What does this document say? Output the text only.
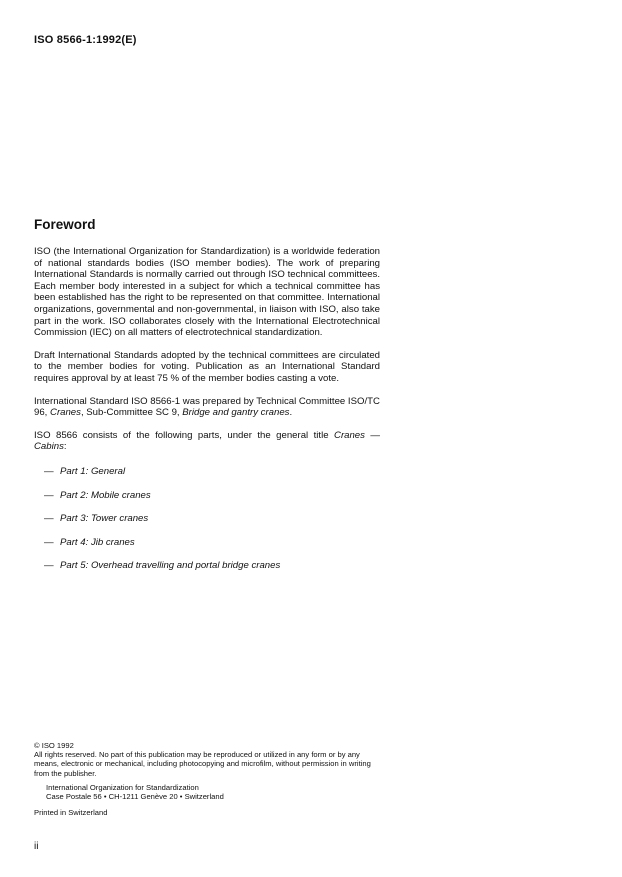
ISO 8566-1:1992(E)
Foreword

ISO (the International Organization for Standardization) is a worldwide federation of national standards bodies (ISO member bodies). The work of preparing International Standards is normally carried out through ISO technical committees. Each member body interested in a subject for which a technical committee has been established has the right to be represented on that committee. International organizations, governmental and non-governmental, in liaison with ISO, also take part in the work. ISO collaborates closely with the International Electrotechnical Commission (IEC) on all matters of electrotechnical standardization.

Draft International Standards adopted by the technical committees are circulated to the member bodies for voting. Publication as an International Standard requires approval by at least 75 % of the member bodies casting a vote.

International Standard ISO 8566-1 was prepared by Technical Committee ISO/TC 96, Cranes, Sub-Committee SC 9, Bridge and gantry cranes.

ISO 8566 consists of the following parts, under the general title Cranes — Cabins:

— Part 1: General
— Part 2: Mobile cranes
— Part 3: Tower cranes
— Part 4: Jib cranes
— Part 5: Overhead travelling and portal bridge cranes

© ISO 1992

All rights reserved. No part of this publication may be reproduced or utilized in any form or by any means, electronic or mechanical, including photocopying and microfilm, without permission in writing from the publisher.

International Organization for Standardization

Case Postale 56 • CH-1211 Genève 20 • Switzerland

Printed in Switzerland

ii
